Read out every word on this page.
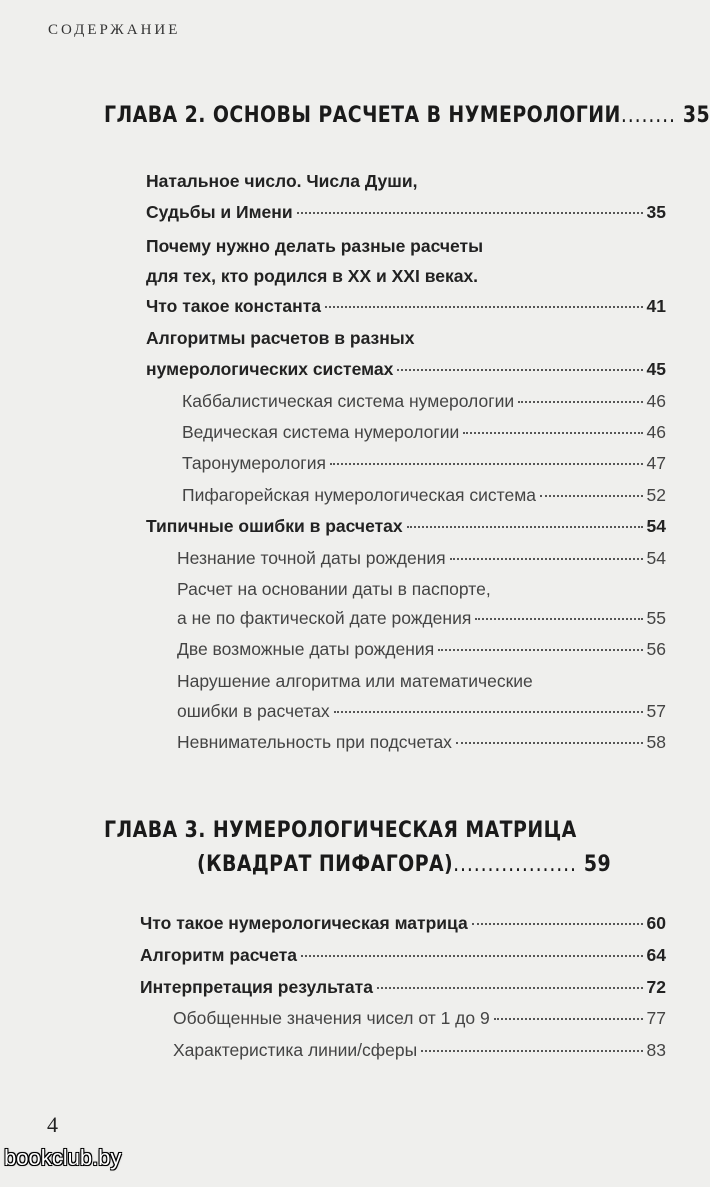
СОДЕРЖАНИЕ
ГЛАВА 2. ОСНОВЫ РАСЧЕТА В НУМЕРОЛОГИИ........ 35
Натальное число. Числа Души,
Судьбы и Имени	35
Почему нужно делать разные расчеты
для тех, кто родился в XX и XXI веках.
Что такое константа	41
Алгоритмы расчетов в разных
нумерологических системах	45
Каббалистическая система нумерологии	46
Ведическая система нумерологии	46
Таронумерология	47
Пифагорейская нумерологическая система	52
Типичные ошибки в расчетах	54
Незнание точной даты рождения	54
Расчет на основании даты в паспорте,
а не по фактической дате рождения	55
Две возможные даты рождения	56
Нарушение алгоритма или математические
ошибки в расчетах	57
Невнимательность при подсчетах	58
ГЛАВА 3. НУМЕРОЛОГИЧЕСКАЯ МАТРИЦА
(КВАДРАТ ПИФАГОРА).................. 59
Что такое нумерологическая матрица	60
Алгоритм расчета	64
Интерпретация результата	72
Обобщенные значения чисел от 1 до 9	77
Характеристика линии/сферы	83
4
bookclub.by
